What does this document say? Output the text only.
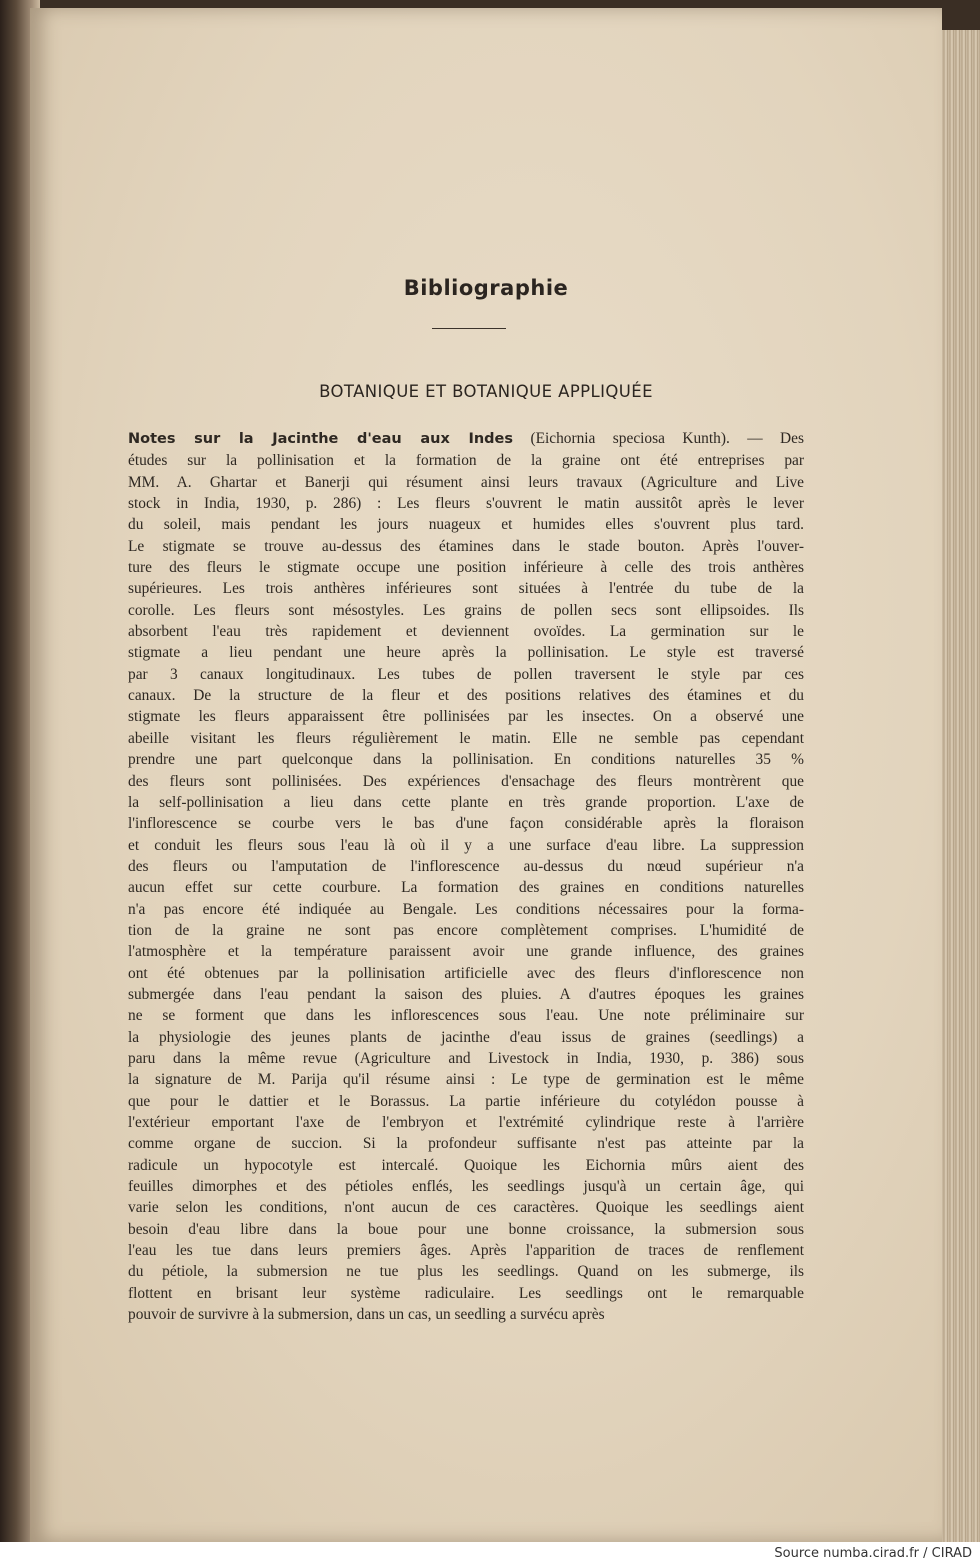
Bibliographie
BOTANIQUE ET BOTANIQUE APPLIQUÉE
Notes sur la Jacinthe d'eau aux Indes (Eichornia speciosa Kunth). — Des
études sur la pollinisation et la formation de la graine ont été entreprises par
MM. A. Ghartar et Banerji qui résument ainsi leurs travaux (Agriculture and Live
stock in India, 1930, p. 286) : Les fleurs s'ouvrent le matin aussitôt après le lever
du soleil, mais pendant les jours nuageux et humides elles s'ouvrent plus tard.
Le stigmate se trouve au-dessus des étamines dans le stade bouton. Après l'ouver-
ture des fleurs le stigmate occupe une position inférieure à celle des trois anthères
supérieures. Les trois anthères inférieures sont situées à l'entrée du tube de la
corolle. Les fleurs sont mésostyles. Les grains de pollen secs sont ellipsoides. Ils
absorbent l'eau très rapidement et deviennent ovoïdes. La germination sur le
stigmate a lieu pendant une heure après la pollinisation. Le style est traversé
par 3 canaux longitudinaux. Les tubes de pollen traversent le style par ces
canaux. De la structure de la fleur et des positions relatives des étamines et du
stigmate les fleurs apparaissent être pollinisées par les insectes. On a observé une
abeille visitant les fleurs régulièrement le matin. Elle ne semble pas cependant
prendre une part quelconque dans la pollinisation. En conditions naturelles 35 %
des fleurs sont pollinisées. Des expériences d'ensachage des fleurs montrèrent que
la self-pollinisation a lieu dans cette plante en très grande proportion. L'axe de
l'inflorescence se courbe vers le bas d'une façon considérable après la floraison
et conduit les fleurs sous l'eau là où il y a une surface d'eau libre. La suppression
des fleurs ou l'amputation de l'inflorescence au-dessus du nœud supérieur n'a
aucun effet sur cette courbure. La formation des graines en conditions naturelles
n'a pas encore été indiquée au Bengale. Les conditions nécessaires pour la forma-
tion de la graine ne sont pas encore complètement comprises. L'humidité de
l'atmosphère et la température paraissent avoir une grande influence, des graines
ont été obtenues par la pollinisation artificielle avec des fleurs d'inflorescence non
submergée dans l'eau pendant la saison des pluies. A d'autres époques les graines
ne se forment que dans les inflorescences sous l'eau. Une note préliminaire sur
la physiologie des jeunes plants de jacinthe d'eau issus de graines (seedlings) a
paru dans la même revue (Agriculture and Livestock in India, 1930, p. 386) sous
la signature de M. Parija qu'il résume ainsi : Le type de germination est le même
que pour le dattier et le Borassus. La partie inférieure du cotylédon pousse à
l'extérieur emportant l'axe de l'embryon et l'extrémité cylindrique reste à l'arrière
comme organe de succion. Si la profondeur suffisante n'est pas atteinte par la
radicule un hypocotyle est intercalé. Quoique les Eichornia mûrs aient des
feuilles dimorphes et des pétioles enflés, les seedlings jusqu'à un certain âge, qui
varie selon les conditions, n'ont aucun de ces caractères. Quoique les seedlings aient
besoin d'eau libre dans la boue pour une bonne croissance, la submersion sous
l'eau les tue dans leurs premiers âges. Après l'apparition de traces de renflement
du pétiole, la submersion ne tue plus les seedlings. Quand on les submerge, ils
flottent en brisant leur système radiculaire. Les seedlings ont le remarquable
pouvoir de survivre à la submersion, dans un cas, un seedling a survécu après
Source numba.cirad.fr / CIRAD
